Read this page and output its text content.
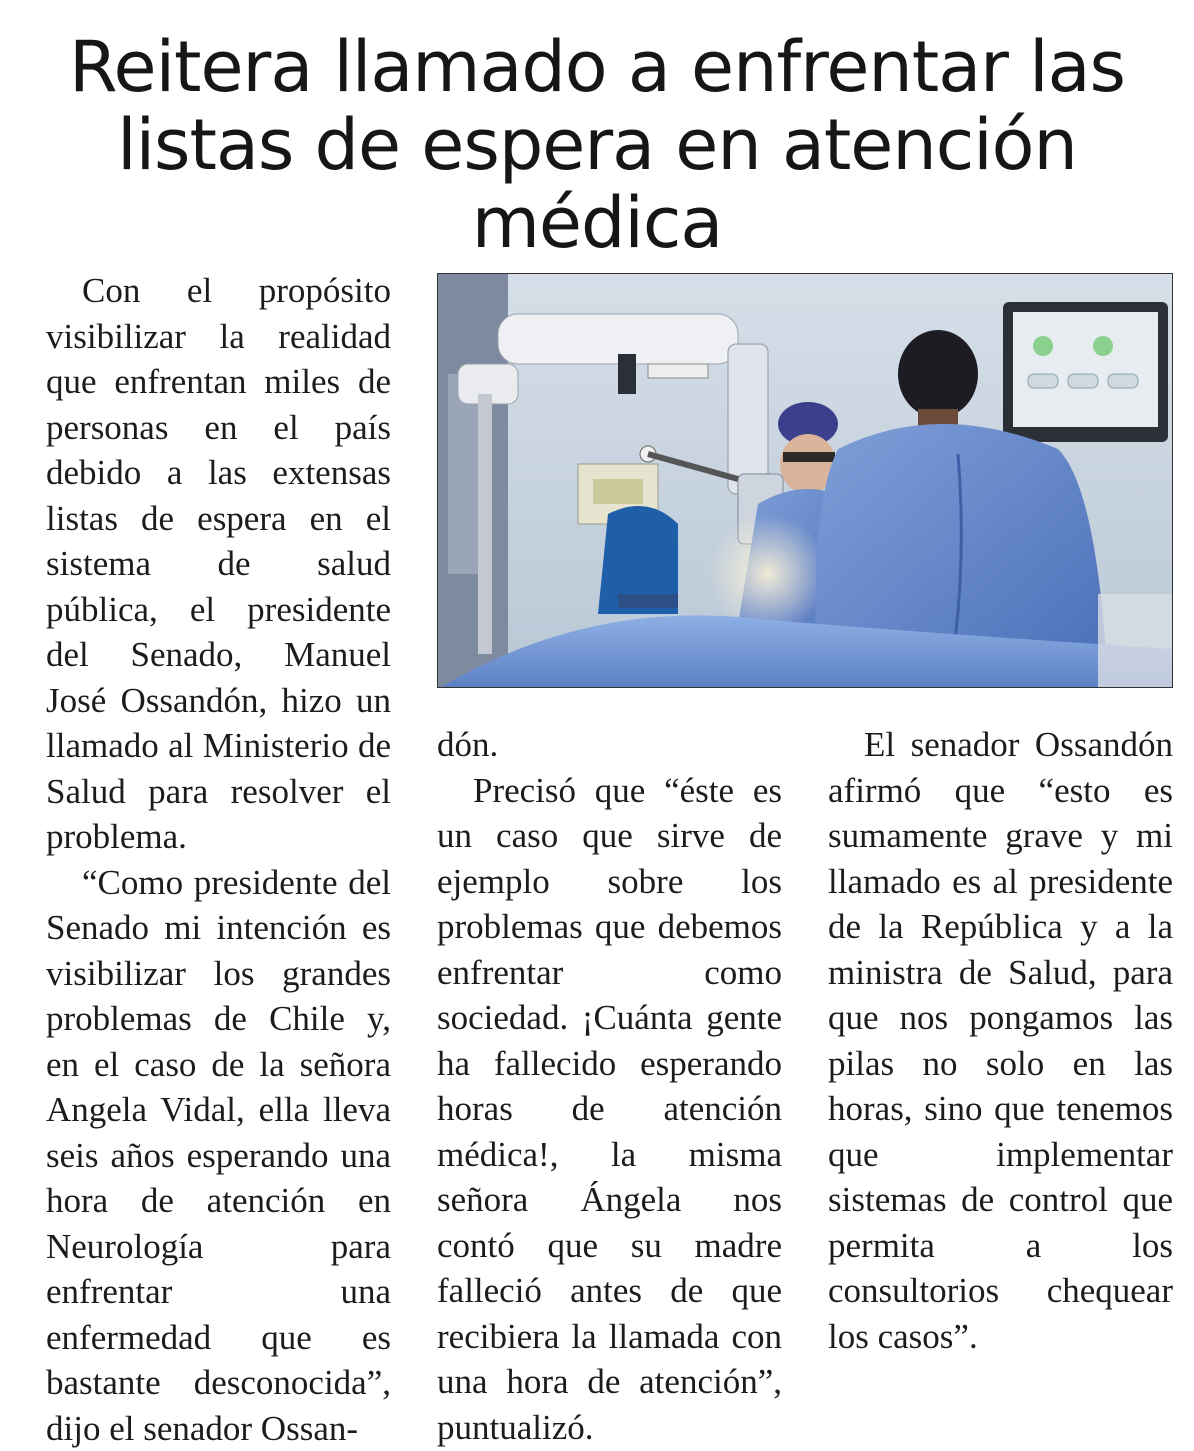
Reitera llamado a enfrentar las listas de espera en atención médica

Con el propósito visibilizar la realidad que enfrentan miles de personas en el país debido a las extensas listas de espera en el sistema de salud pública, el presidente del Senado, Manuel José Ossandón, hizo un llamado al Ministerio de Salud para resolver el problema.

“Como presidente del Senado mi intención es visibilizar los grandes problemas de Chile y, en el caso de la señora Angela Vidal, ella lleva seis años esperando una hora de atención en Neurología para enfrentar una enfermedad que es bastante desconocida”, dijo el senador Ossan-

dón.

Precisó que “éste es un caso que sirve de ejemplo sobre los problemas que debemos enfrentar como sociedad. ¡Cuánta gente ha fallecido esperando horas de atención médica!, la misma señora Ángela nos contó que su madre falleció antes de que recibiera la llamada con una hora de atención”, puntualizó.

El senador Ossandón afirmó que “esto es sumamente grave y mi llamado es al presidente de la República y a la ministra de Salud, para que nos pongamos las pilas no solo en las horas, sino que tenemos que implementar sistemas de control que permita a los consultorios chequear los casos”.
